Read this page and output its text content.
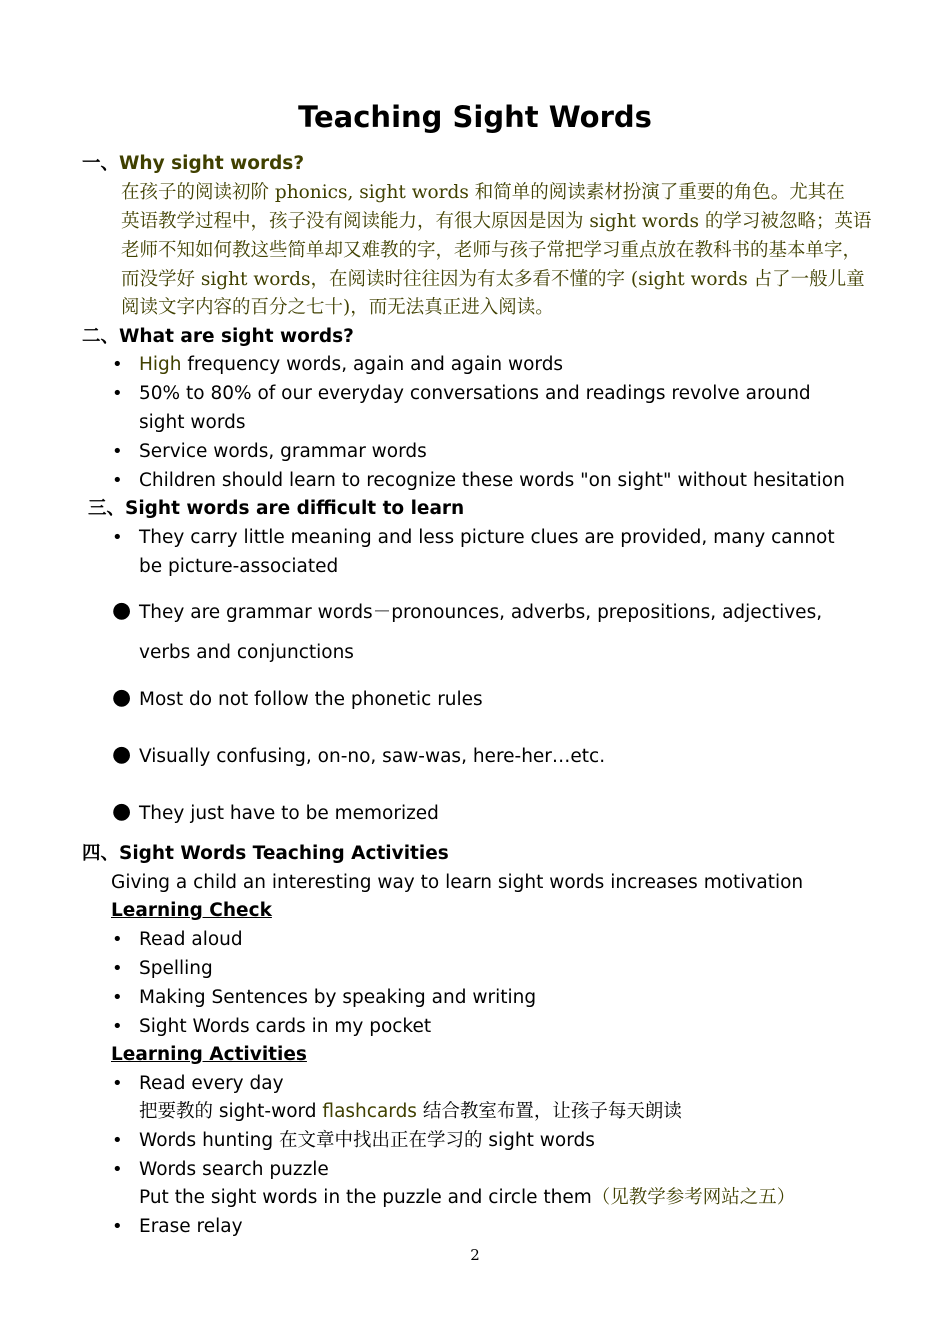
Teaching Sight Words
一、Why sight words?
在孩子的阅读初阶 phonics, sight words 和简单的阅读素材扮演了重要的角色。尤其在
英语教学过程中，孩子没有阅读能力，有很大原因是因为 sight words 的学习被忽略；英语
老师不知如何教这些简单却又难教的字，老师与孩子常把学习重点放在教科书的基本单字，
而没学好 sight words，在阅读时往往因为有太多看不懂的字 (sight words 占了一般儿童
阅读文字内容的百分之七十)，而无法真正进入阅读。
二、What are sight words?
• High frequency words, again and again words
• 50% to 80% of our everyday conversations and readings revolve around
sight words
• Service words, grammar words
• Children should learn to recognize these words "on sight" without hesitation
三、Sight words are difficult to learn
• They carry little meaning and less picture clues are provided, many cannot
be picture-associated
● They are grammar words－pronounces, adverbs, prepositions, adjectives,
verbs and conjunctions
● Most do not follow the phonetic rules
● Visually confusing, on-no, saw-was, here-her…etc.
● They just have to be memorized
四、Sight Words Teaching Activities
Giving a child an interesting way to learn sight words increases motivation
Learning Check
• Read aloud
• Spelling
• Making Sentences by speaking and writing
• Sight Words cards in my pocket
Learning Activities
• Read every day
把要教的 sight-word flashcards 结合教室布置，让孩子每天朗读
• Words hunting 在文章中找出正在学习的 sight words
• Words search puzzle
Put the sight words in the puzzle and circle them（见教学参考网站之五）
• Erase relay
2
